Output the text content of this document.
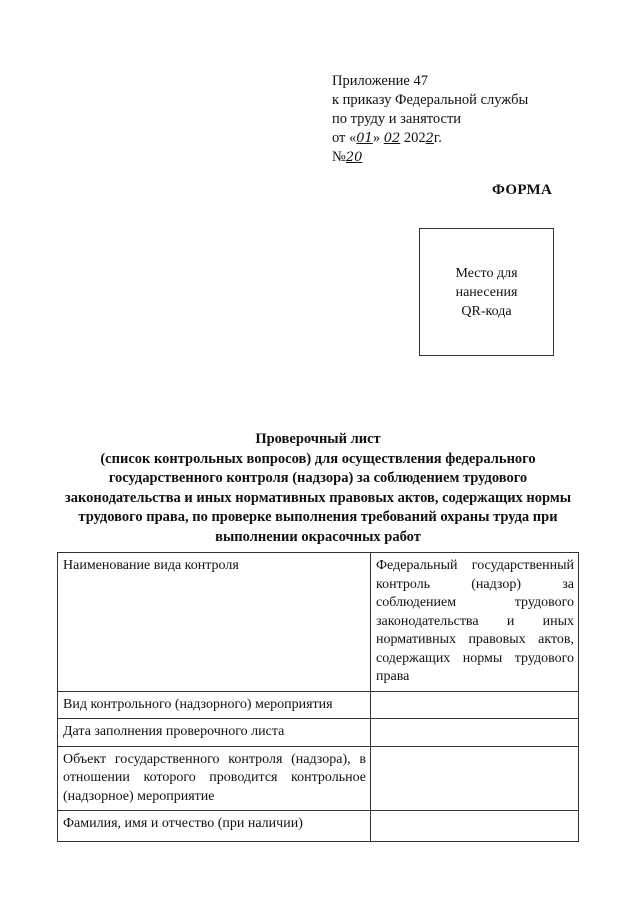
Приложение 47
к приказу Федеральной службы
по труду и занятости
от «01» 02 2022г.
№20
ФОРМА
Место для
нанесения
QR-кода
Проверочный лист
(список контрольных вопросов) для осуществления федерального
государственного контроля (надзора) за соблюдением трудового
законодательства и иных нормативных правовых актов, содержащих нормы
трудового права, по проверке выполнения требований охраны труда при
выполнении окрасочных работ
Наименование вида контроля	Федеральный государственный контроль (надзор) за соблюдением трудового законодательства и иных нормативных правовых актов, содержащих нормы трудового права
Вид контрольного (надзорного) мероприятия	
Дата заполнения проверочного листа	
Объект государственного контроля (надзора), в отношении которого проводится контрольное (надзорное) мероприятие	
Фамилия, имя и отчество (при наличии)	
